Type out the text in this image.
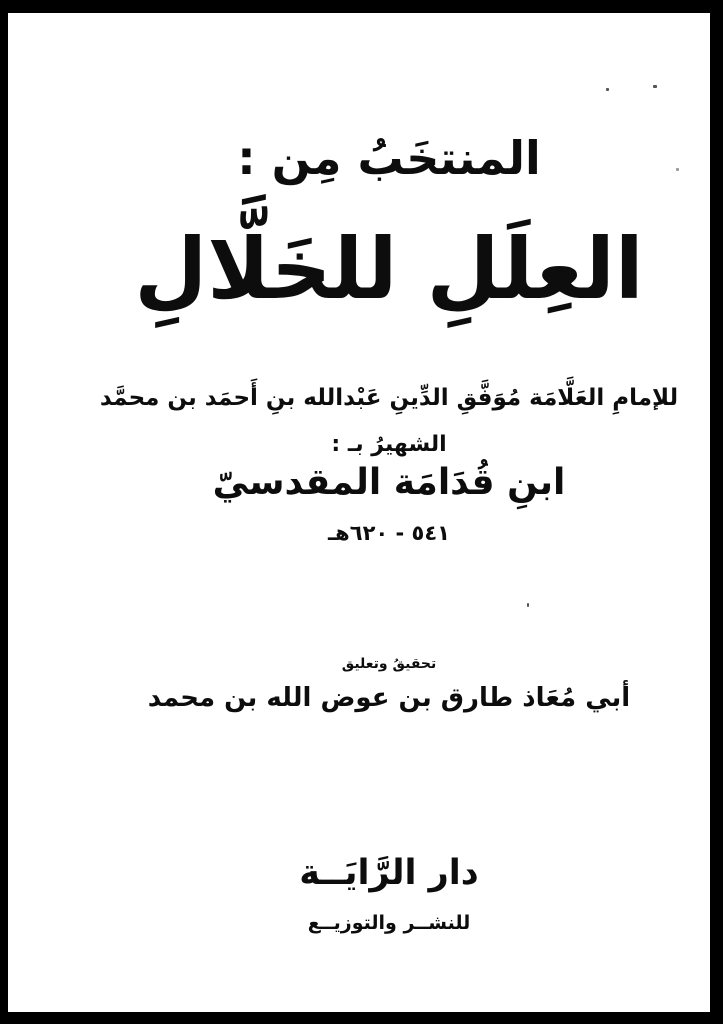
المنتخَبُ مِن :
العِلَلِ للخَلَّالِ
للإمامِ العَلَّامَة مُوَفَّقِ الدِّينِ عَبْدالله بنِ أَحمَد بن محمَّد
الشهيرُ بـ :
ابنِ قُدَامَة المقدسيّ
٥٤١ - ٦٢٠هـ
تحقيقُ وتعليق
أبي مُعَاذ طارق بن عوض الله بن محمد
دار الرَّايَــة
للنشــر والتوزيــع
